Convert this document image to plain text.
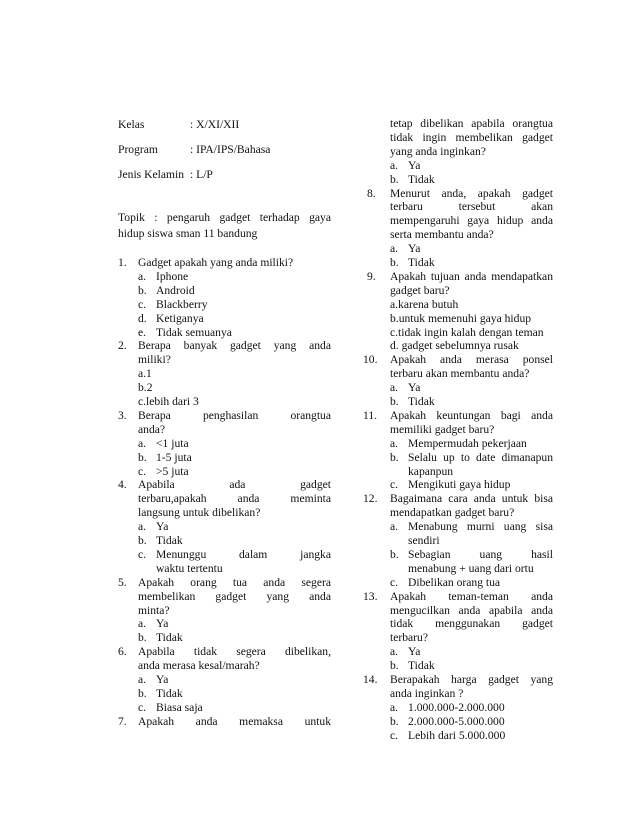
Kelas	: X/XI/XII
Program	: IPA/IPS/Bahasa
Jenis Kelamin : L/P
Topik : pengaruh gadget terhadap gaya
hidup siswa sman 11 bandung
1. Gadget apakah yang anda miliki?
a. Iphone
b. Android
c. Blackberry
d. Ketiganya
e. Tidak semuanya
2. Berapa banyak gadget yang anda
miliki?
a.1
b.2
c.lebih dari 3
3. Berapa penghasilan orangtua
anda?
a. <1 juta
b. 1-5 juta
c. >5 juta
4. Apabila ada gadget
terbaru,apakah anda meminta
langsung untuk dibelikan?
a. Ya
b. Tidak
c. Menunggu dalam jangka
waktu tertentu
5. Apakah orang tua anda segera
membelikan gadget yang anda
minta?
a. Ya
b. Tidak
6. Apabila tidak segera dibelikan,
anda merasa kesal/marah?
a. Ya
b. Tidak
c. Biasa saja
7. Apakah anda memaksa untuk
tetap dibelikan apabila orangtua
tidak ingin membelikan gadget
yang anda inginkan?
a. Ya
b. Tidak
8. Menurut anda, apakah gadget
terbaru tersebut akan
mempengaruhi gaya hidup anda
serta membantu anda?
a. Ya
b. Tidak
9. Apakah tujuan anda mendapatkan
gadget baru?
a.karena butuh
b.untuk memenuhi gaya hidup
c.tidak ingin kalah dengan teman
d. gadget sebelumnya rusak
10. Apakah anda merasa ponsel
terbaru akan membantu anda?
a. Ya
b. Tidak
11. Apakah keuntungan bagi anda
memiliki gadget baru?
a. Mempermudah pekerjaan
b. Selalu up to date dimanapun
kapanpun
c. Mengikuti gaya hidup
12. Bagaimana cara anda untuk bisa
mendapatkan gadget baru?
a. Menabung murni uang sisa
sendiri
b. Sebagian uang hasil
menabung + uang dari ortu
c. Dibelikan orang tua
13. Apakah teman-teman anda
mengucilkan anda apabila anda
tidak menggunakan gadget
terbaru?
a. Ya
b. Tidak
14. Berapakah harga gadget yang
anda inginkan ?
a. 1.000.000-2.000.000
b. 2.000.000-5.000.000
c. Lebih dari 5.000.000
